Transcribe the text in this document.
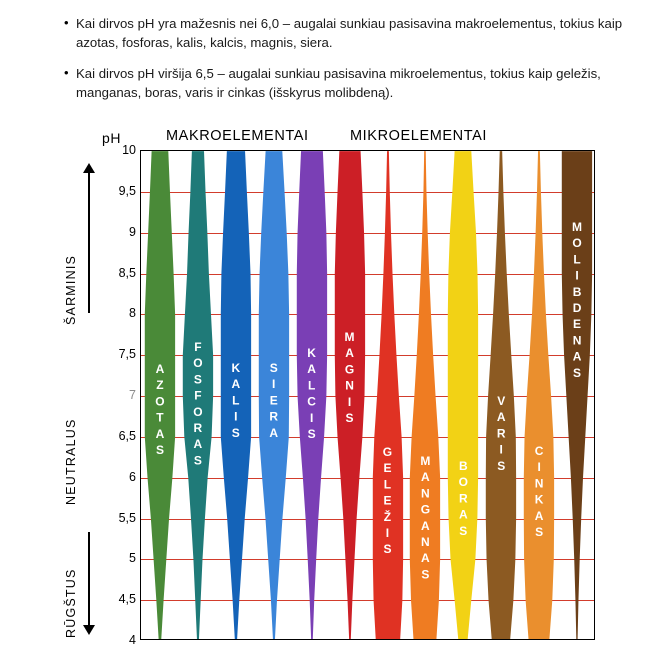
• Kai dirvos pH yra mažesnis nei 6,0 – augalai sunkiau pasisavina makroelementus, tokius kaip azotas, fosforas, kalis, kalcis, magnis, siera.
• Kai dirvos pH viršija 6,5 – augalai sunkiau pasisavina mikroelementus, tokius kaip geležis, manganas, boras, varis ir cinkas (išskyrus molibdeną).
pH	MAKROELEMENTAI	MIKROELEMENTAI
ŠARMINIS
NEUTRALUS
RŪGŠTUS
10
9,5
9
8,5
8
7,5
7
6,5
6
5,5
5
4,5
4
AZOTAS FOSFORAS KALIS SIERA KALCIS MAGNIS
GELEŽIS MANGANAS BORAS
VARIS
CINKAS
MOLIBDENAS
